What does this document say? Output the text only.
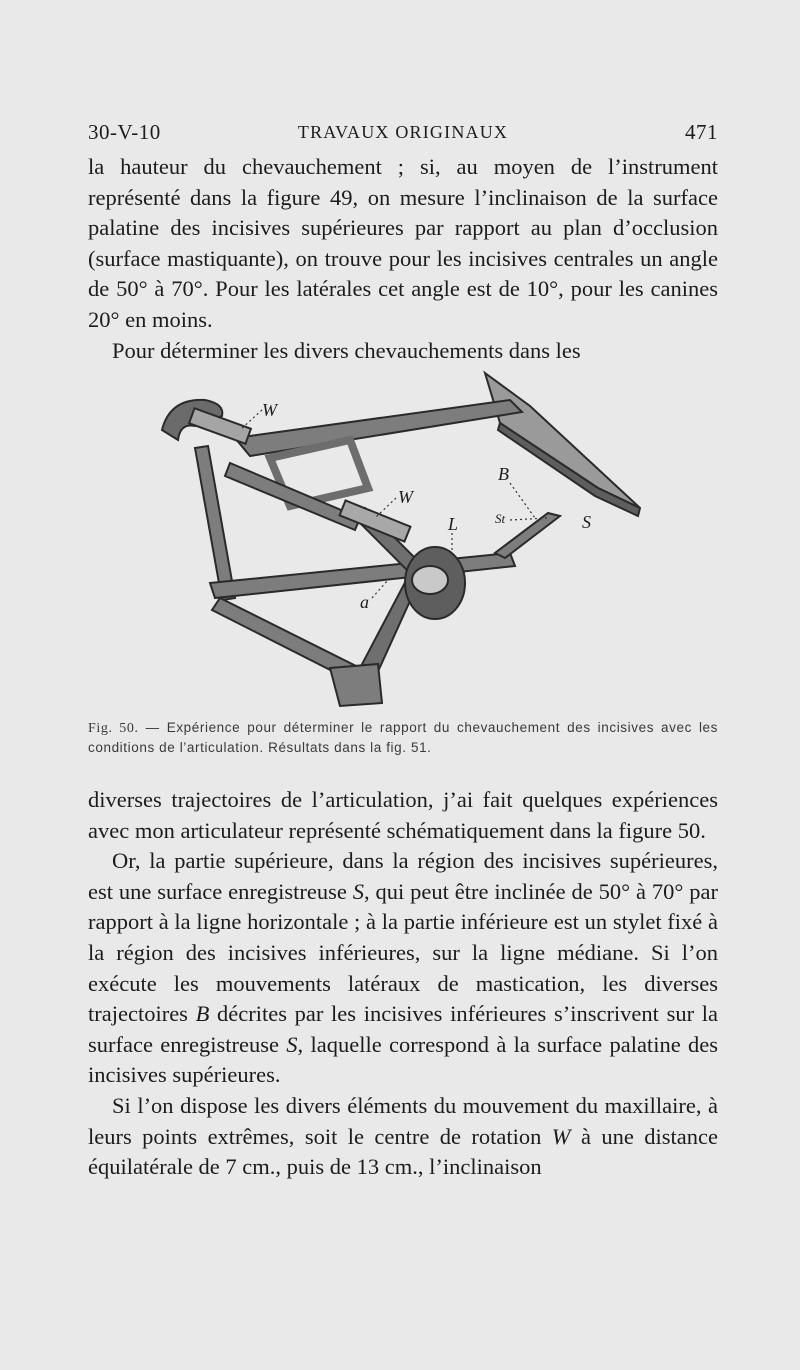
30-V-10	TRAVAUX ORIGINAUX	471

la hauteur du chevauchement ; si, au moyen de l’instrument représenté dans la figure 49, on mesure l’inclinaison de la surface palatine des incisives supérieures par rapport au plan d’occlusion (surface mastiquante), on trouve pour les incisives centrales un angle de 50° à 70°. Pour les latérales cet angle est de 10°, pour les canines 20° en moins.

Pour déterminer les divers chevauchements dans les

W
W
L
B
St	S
a
Fig. 50. — Expérience pour déterminer le rapport du chevauchement des incisives avec les conditions de l’articulation. Résultats dans la fig. 51.

diverses trajectoires de l’articulation, j’ai fait quelques expériences avec mon articulateur représenté schématiquement dans la figure 50.

Or, la partie supérieure, dans la région des incisives supérieures, est une surface enregistreuse S, qui peut être inclinée de 50° à 70° par rapport à la ligne horizontale ; à la partie inférieure est un stylet fixé à la région des incisives inférieures, sur la ligne médiane. Si l’on exécute les mouvements latéraux de mastication, les diverses trajectoires B décrites par les incisives inférieures s’inscrivent sur la surface enregistreuse S, laquelle correspond à la surface palatine des incisives supérieures.

Si l’on dispose les divers éléments du mouvement du maxillaire, à leurs points extrêmes, soit le centre de rotation W à une distance équilatérale de 7 cm., puis de 13 cm., l’inclinaison
